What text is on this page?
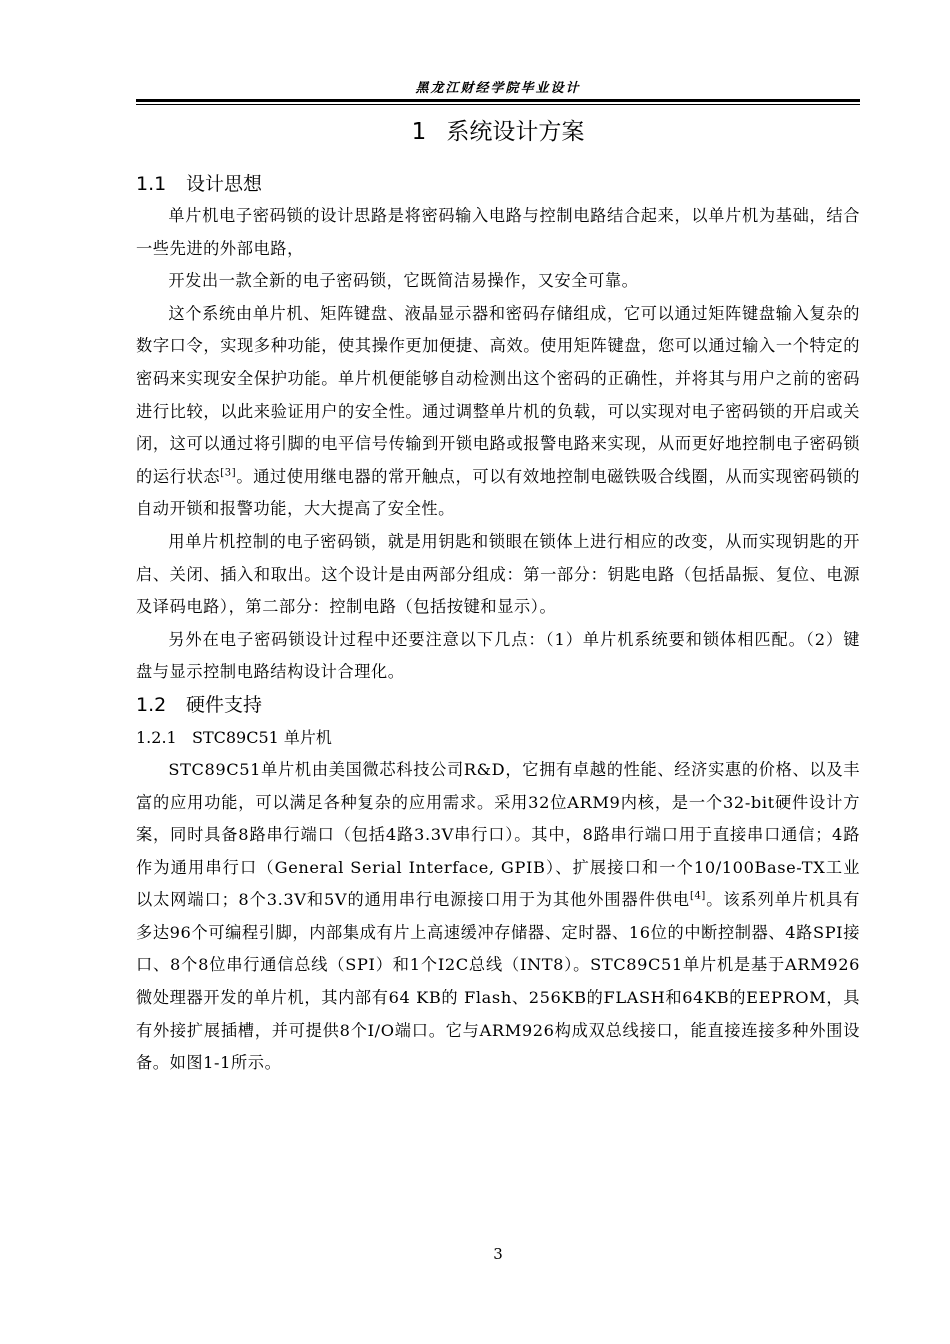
黑龙江财经学院毕业设计
1 系统设计方案
1.1 设计思想

单片机电子密码锁的设计思路是将密码输入电路与控制电路结合起来，以单片机为基础，结合一些先进的外部电路，

开发出一款全新的电子密码锁，它既简洁易操作，又安全可靠。

这个系统由单片机、矩阵键盘、液晶显示器和密码存储组成，它可以通过矩阵键盘输入复杂的数字口令，实现多种功能，使其操作更加便捷、高效。使用矩阵键盘，您可以通过输入一个特定的密码来实现安全保护功能。单片机便能够自动检测出这个密码的正确性，并将其与用户之前的密码进行比较，以此来验证用户的安全性。通过调整单片机的负载，可以实现对电子密码锁的开启或关闭，这可以通过将引脚的电平信号传输到开锁电路或报警电路来实现，从而更好地控制电子密码锁的运行状态[3]。通过使用继电器的常开触点，可以有效地控制电磁铁吸合线圈，从而实现密码锁的自动开锁和报警功能，大大提高了安全性。

用单片机控制的电子密码锁，就是用钥匙和锁眼在锁体上进行相应的改变，从而实现钥匙的开启、关闭、插入和取出。这个设计是由两部分组成：第一部分：钥匙电路（包括晶振、复位、电源及译码电路），第二部分：控制电路（包括按键和显示）。

另外在电子密码锁设计过程中还要注意以下几点：（1）单片机系统要和锁体相匹配。（2）键盘与显示控制电路结构设计合理化。

1.2 硬件支持
1.2.1 STC89C51 单片机

STC89C51单片机由美国微芯科技公司R&D，它拥有卓越的性能、经济实惠的价格、以及丰富的应用功能，可以满足各种复杂的应用需求。采用32位ARM9内核，是一个32-bit硬件设计方案，同时具备8路串行端口（包括4路3.3V串行口）。其中，8路串行端口用于直接串口通信；4路作为通用串行口（General Serial Interface, GPIB）、扩展接口和一个10/100Base-TX工业以太网端口；8个3.3V和5V的通用串行电源接口用于为其他外围器件供电[4]。该系列单片机具有多达96个可编程引脚，内部集成有片上高速缓冲存储器、定时器、16位的中断控制器、4路SPI接口、8个8位串行通信总线（SPI）和1个I2C总线（INT8）。STC89C51单片机是基于ARM926微处理器开发的单片机，其内部有64 KB的 Flash、256KB的FLASH和64KB的EEPROM，具有外接扩展插槽，并可提供8个I/O端口。它与ARM926构成双总线接口，能直接连接多种外围设备。如图1-1所示。

3
